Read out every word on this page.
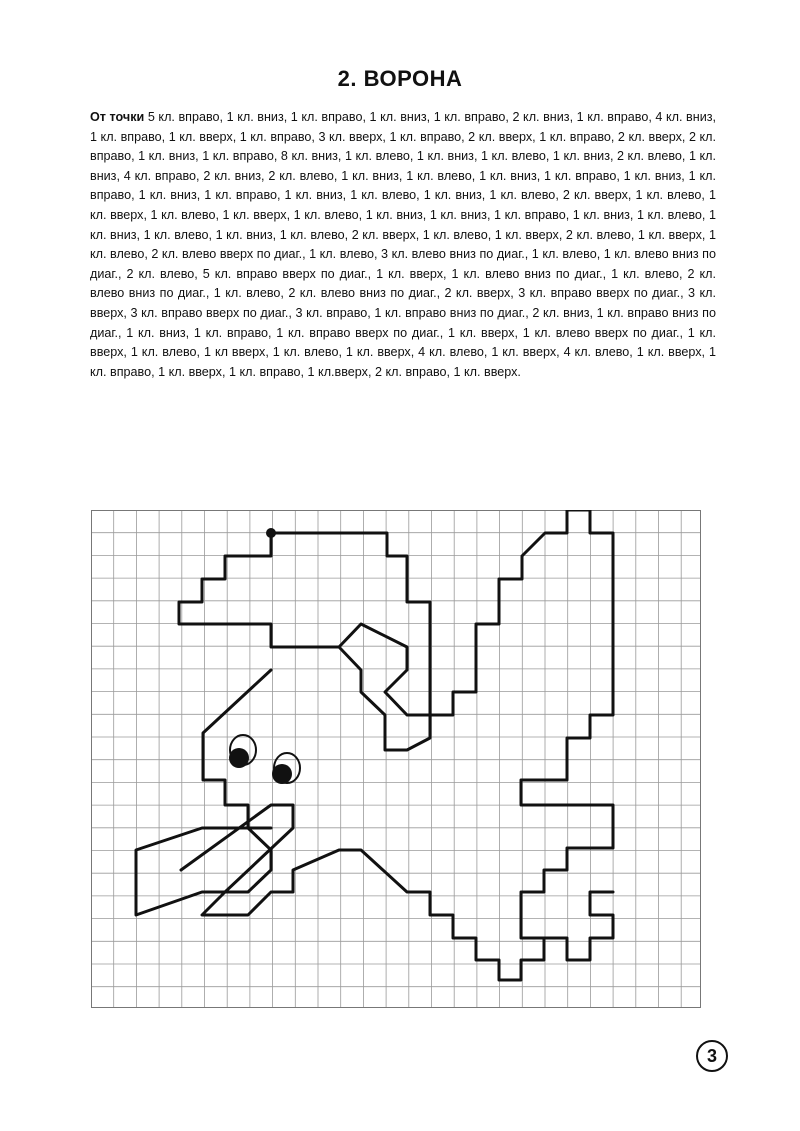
2. ВОРОНА
От точки 5 кл. вправо, 1 кл. вниз, 1 кл. вправо, 1 кл. вниз, 1 кл. вправо, 2 кл. вниз, 1 кл. вправо, 4 кл. вниз, 1 кл. вправо, 1 кл. вверх, 1 кл. вправо, 3 кл. вверх, 1 кл. вправо, 2 кл. вверх, 1 кл. вправо, 2 кл. вверх, 2 кл. вправо, 1 кл. вниз, 1 кл. вправо, 8 кл. вниз, 1 кл. влево, 1 кл. вниз, 1 кл. влево, 1 кл. вниз, 2 кл. влево, 1 кл. вниз, 4 кл. вправо, 2 кл. вниз, 2 кл. влево, 1 кл. вниз, 1 кл. влево, 1 кл. вниз, 1 кл. вправо, 1 кл. вниз, 1 кл. вправо, 1 кл. вниз, 1 кл. вправо, 1 кл. вниз, 1 кл. влево, 1 кл. вниз, 1 кл. влево, 2 кл. вверх, 1 кл. влево, 1 кл. вверх, 1 кл. влево, 1 кл. вверх, 1 кл. влево, 1 кл. вниз, 1 кл. вниз, 1 кл. вправо, 1 кл. вниз, 1 кл. влево, 1 кл. вниз, 1 кл. влево, 1 кл. вниз, 1 кл. влево, 2 кл. вверх, 1 кл. влево, 1 кл. вверх, 2 кл. влево, 1 кл. вверх, 1 кл. влево, 2 кл. влево вверх по диаг., 1 кл. влево, 3 кл. влево вниз по диаг., 1 кл. влево, 1 кл. влево вниз по диаг., 2 кл. влево, 5 кл. вправо вверх по диаг., 1 кл. вверх, 1 кл. влево вниз по диаг., 1 кл. влево, 2 кл. влево вниз по диаг., 1 кл. влево, 2 кл. влево вниз по диаг., 2 кл. вверх, 3 кл. вправо вверх по диаг., 3 кл. вверх, 3 кл. вправо вверх по диаг., 3 кл. вправо, 1 кл. вправо вниз по диаг., 2 кл. вниз, 1 кл. вправо вниз по диаг., 1 кл. вниз, 1 кл. вправо, 1 кл. вправо вверх по диаг., 1 кл. вверх, 1 кл. влево вверх по диаг., 1 кл. вверх, 1 кл. влево, 1 кл вверх, 1 кл. влево, 1 кл. вверх, 4 кл. влево, 1 кл. вверх, 4 кл. влево, 1 кл. вверх, 1 кл. вправо, 1 кл. вверх, 1 кл. вправо, 1 кл.вверх, 2 кл. вправо, 1 кл. вверх.
3
